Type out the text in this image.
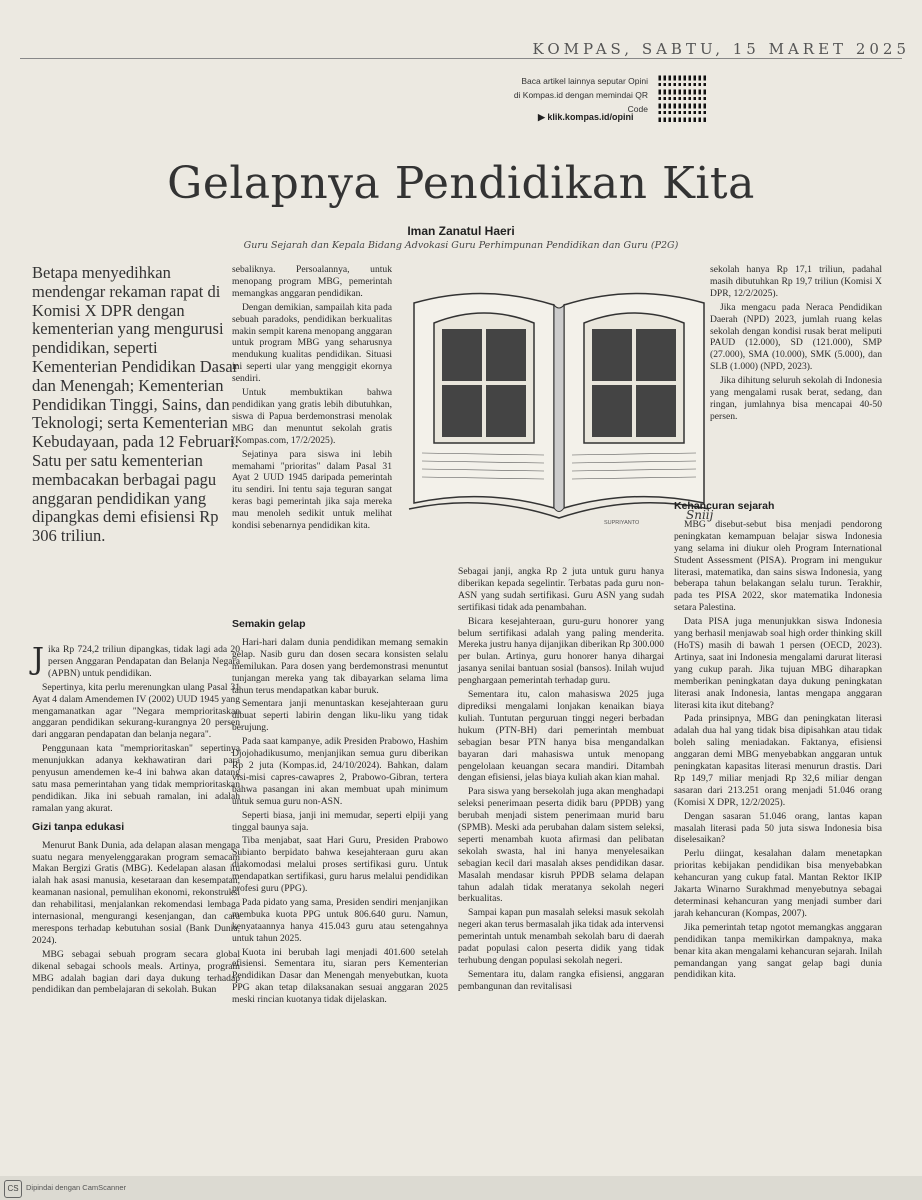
KOMPAS, SABTU, 15 MARET 2025
Baca artikel lainnya seputar Opini
di Kompas.id dengan memindai QR Code
▶ klik.kompas.id/opini
Gelapnya Pendidikan Kita
Iman Zanatul Haeri
Guru Sejarah dan Kepala Bidang Advokasi Guru Perhimpunan Pendidikan dan Guru (P2G)
Betapa menyedihkan mendengar rekaman rapat di Komisi X DPR dengan kementerian yang mengurusi pendidikan, seperti Kementerian Pendidikan Dasar dan Menengah; Kementerian Pendidikan Tinggi, Sains, dan Teknologi; serta Kementerian Kebudayaan, pada 12 Februari. Satu per satu kementerian membacakan berbagai pagu anggaran pendidikan yang dipangkas demi efisiensi Rp 306 triliun.

Jika Rp 724,2 triliun dipangkas, tidak lagi ada 20 persen Anggaran Pendapatan dan Belanja Negara (APBN) untuk pendidikan.

Sepertinya, kita perlu merenungkan ulang Pasal 31 Ayat 4 dalam Amendemen IV (2002) UUD 1945 yang mengamanatkan agar "Negara memprioritaskan anggaran pendidikan sekurang-kurangnya 20 persen dari anggaran pendapatan dan belanja negara".

Penggunaan kata "memprioritaskan" sepertinya menunjukkan adanya kekhawatiran dari para penyusun amendemen ke-4 ini bahwa akan datang satu masa pemerintahan yang tidak memprioritaskan pendidikan. Jika ini sebuah ramalan, ini adalah ramalan yang akurat.

Gizi tanpa edukasi

Menurut Bank Dunia, ada delapan alasan mengapa suatu negara menyelenggarakan program semacam Makan Bergizi Gratis (MBG). Kedelapan alasan itu ialah hak asasi manusia, kesetaraan dan kesempatan, keamanan nasional, pemulihan ekonomi, rekonstruksi dan rehabilitasi, menjalankan rekomendasi lembaga internasional, mengurangi kesenjangan, dan cara merespons terhadap kebutuhan sosial (Bank Dunia, 2024).

MBG sebagai sebuah program secara global dikenal sebagai schools meals. Artinya, program MBG adalah bagian dari daya dukung terhadap pendidikan dan pembelajaran di sekolah. Bukan

sebaliknya. Persoalannya, untuk menopang program MBG, pemerintah memangkas anggaran pendidikan.

Dengan demikian, sampailah kita pada sebuah paradoks, pendidikan berkualitas makin sempit karena menopang anggaran untuk program MBG yang seharusnya mendukung kualitas pendidikan. Situasi ini seperti ular yang menggigit ekornya sendiri.

Untuk membuktikan bahwa pendidikan yang gratis lebih dibutuhkan, siswa di Papua berdemonstrasi menolak MBG dan menuntut sekolah gratis (Kompas.com, 17/2/2025).

Sejatinya para siswa ini lebih memahami "prioritas" dalam Pasal 31 Ayat 2 UUD 1945 daripada pemerintah itu sendiri. Ini tentu saja teguran sangat keras bagi pemerintah jika saja mereka mau menoleh sedikit untuk melihat kondisi sebenarnya pendidikan kita.

Semakin gelap

Hari-hari dalam dunia pendidikan memang semakin gelap. Nasib guru dan dosen secara konsisten selalu memilukan. Para dosen yang berdemonstrasi menuntut tunjangan mereka yang tak dibayarkan selama lima tahun terus mendapatkan kabar buruk.

Sementara janji menuntaskan kesejahteraan guru dibuat seperti labirin dengan liku-liku yang tidak berujung.

Pada saat kampanye, adik Presiden Prabowo, Hashim Djojohadikusumo, menjanjikan semua guru diberikan Rp 2 juta (Kompas.id, 24/10/2024). Bahkan, dalam visi-misi capres-cawapres 2, Prabowo-Gibran, tertera bahwa pasangan ini akan membuat upah minimum untuk semua guru non-ASN.

Seperti biasa, janji ini memudar, seperti elpiji yang tinggal baunya saja.

Tiba menjabat, saat Hari Guru, Presiden Prabowo Subianto berpidato bahwa kesejahteraan guru akan diakomodasi melalui proses sertifikasi guru. Untuk mendapatkan sertifikasi, guru harus melalui pendidikan profesi guru (PPG).

Pada pidato yang sama, Presiden sendiri menjanjikan membuka kuota PPG untuk 806.640 guru. Namun, kenyataannya hanya 415.043 guru atau setengahnya untuk tahun 2025.

Kuota ini berubah lagi menjadi 401.600 setelah efisiensi. Sementara itu, siaran pers Kementerian Pendidikan Dasar dan Menengah menyebutkan, kuota PPG akan tetap dilaksanakan sesuai anggaran 2025 meski rincian kuotanya tidak dijelaskan.

SUPRIYANTO
Sniij

Sebagai janji, angka Rp 2 juta untuk guru hanya diberikan kepada segelintir. Terbatas pada guru non-ASN yang sudah sertifikasi. Guru ASN yang sudah sertifikasi tidak ada penambahan.

Bicara kesejahteraan, guru-guru honorer yang belum sertifikasi adalah yang paling menderita. Mereka justru hanya dijanjikan diberikan Rp 300.000 per bulan. Artinya, guru honorer hanya dihargai jasanya senilai bantuan sosial (bansos). Inilah wujud penghargaan pemerintah terhadap guru.

Sementara itu, calon mahasiswa 2025 juga diprediksi mengalami lonjakan kenaikan biaya kuliah. Tuntutan perguruan tinggi negeri berbadan hukum (PTN-BH) dari pemerintah membuat sebagian besar PTN hanya bisa mengandalkan bayaran dari mahasiswa untuk menopang pengelolaan keuangan secara mandiri. Ditambah dengan efisiensi, jelas biaya kuliah akan kian mahal.

Para siswa yang bersekolah juga akan menghadapi seleksi penerimaan peserta didik baru (PPDB) yang berubah menjadi sistem penerimaan murid baru (SPMB). Meski ada perubahan dalam sistem seleksi, seperti menambah kuota afirmasi dan pelibatan sekolah swasta, hal ini hanya menyelesaikan sebagian kecil dari masalah akses pendidikan dasar. Masalah mendasar kisruh PPDB selama delapan tahun adalah tidak meratanya sekolah negeri berkualitas.

Sampai kapan pun masalah seleksi masuk sekolah negeri akan terus bermasalah jika tidak ada intervensi pemerintah untuk menambah sekolah baru di daerah padat populasi calon peserta didik yang tidak terhubung dengan populasi sekolah negeri.

Sementara itu, dalam rangka efisiensi, anggaran pembangunan dan revitalisasi

sekolah hanya Rp 17,1 triliun, padahal masih dibutuhkan Rp 19,7 triliun (Komisi X DPR, 12/2/2025).

Jika mengacu pada Neraca Pendidikan Daerah (NPD) 2023, jumlah ruang kelas sekolah dengan kondisi rusak berat meliputi PAUD (12.000), SD (121.000), SMP (27.000), SMA (10.000), SMK (5.000), dan SLB (1.000) (NPD, 2023).

Jika dihitung seluruh sekolah di Indonesia yang mengalami rusak berat, sedang, dan ringan, jumlahnya bisa mencapai 40-50 persen.

Kehancuran sejarah

MBG disebut-sebut bisa menjadi pendorong peningkatan kemampuan belajar siswa Indonesia yang selama ini diukur oleh Program International Student Assessment (PISA). Program ini mengukur literasi, matematika, dan sains siswa Indonesia, yang beberapa tahun belakangan selalu turun. Terakhir, pada tes PISA 2022, skor matematika Indonesia setara Palestina.

Data PISA juga menunjukkan siswa Indonesia yang berhasil menjawab soal high order thinking skill (HoTS) masih di bawah 1 persen (OECD, 2023). Artinya, saat ini Indonesia mengalami darurat literasi yang cukup parah. Jika tujuan MBG diharapkan memberikan peningkatan daya dukung peningkatan literasi anak Indonesia, lantas mengapa anggaran literasi kita ikut ditebang?

Pada prinsipnya, MBG dan peningkatan literasi adalah dua hal yang tidak bisa dipisahkan atau tidak boleh saling meniadakan. Faktanya, efisiensi anggaran demi MBG menyebabkan anggaran untuk peningkatan kapasitas literasi menurun drastis. Dari Rp 149,7 miliar menjadi Rp 32,6 miliar dengan sasaran dari 213.251 orang menjadi 51.046 orang (Komisi X DPR, 12/2/2025).

Dengan sasaran 51.046 orang, lantas kapan masalah literasi pada 50 juta siswa Indonesia bisa diselesaikan?

Perlu diingat, kesalahan dalam menetapkan prioritas kebijakan pendidikan bisa menyebabkan kehancuran yang cukup fatal. Mantan Rektor IKIP Jakarta Winarno Surakhmad menyebutnya sebagai determinasi kehancuran yang menjadi sumber dari jarah kehancuran (Kompas, 2007).

Jika pemerintah tetap ngotot memangkas anggaran pendidikan tanpa memikirkan dampaknya, maka benar kita akan mengalami kehancuran sejarah. Inilah pemandangan yang sangat gelap bagi dunia pendidikan kita.

CS Dipindai dengan CamScanner
